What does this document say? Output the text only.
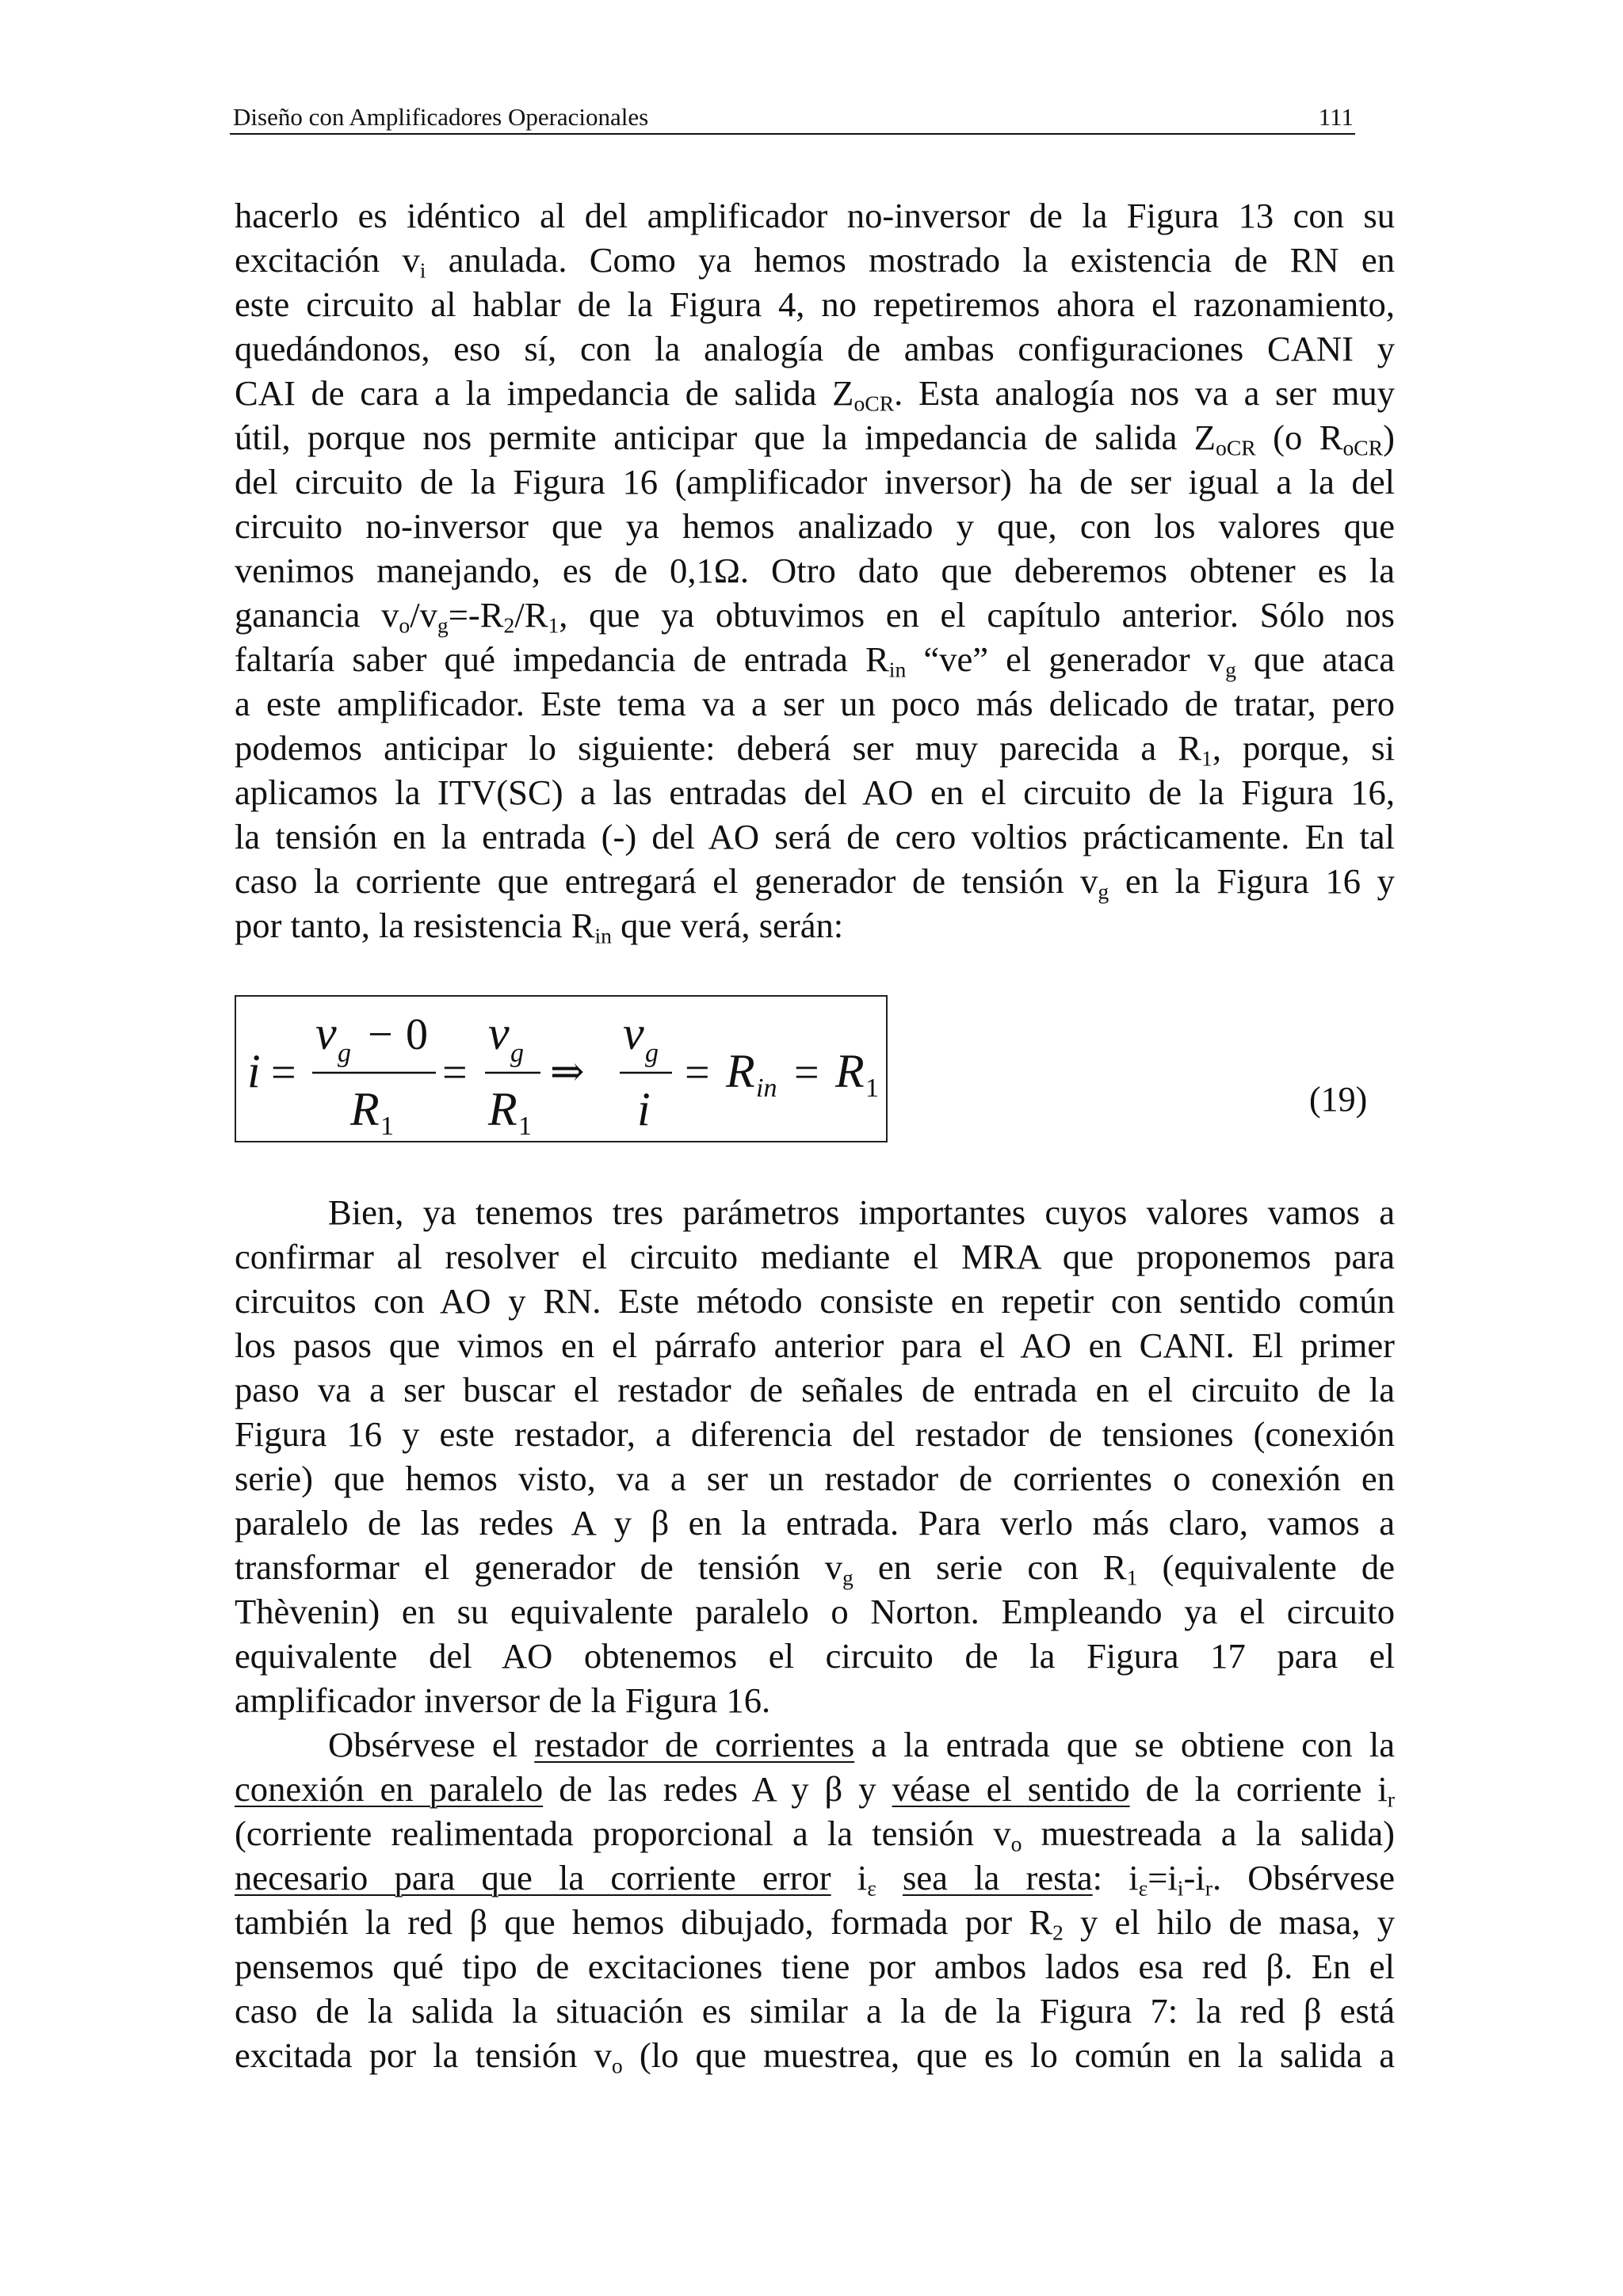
Diseño con Amplificadores Operacionales	111

hacerlo es idéntico al del amplificador no-inversor de la Figura 13 con su

excitación $v_i$ anulada. Como ya hemos mostrado la existencia de RN en

este circuito al hablar de la Figura 4, no repetiremos ahora el razonamiento,

quedándonos, eso sí, con la analogía de ambas configuraciones CANI y

CAI de cara a la impedancia de salida $Z_{oCR}$. Esta analogía nos va a ser muy

útil, porque nos permite anticipar que la impedancia de salida $Z_{oCR}$ (o $R_{oCR}$)

del circuito de la Figura 16 (amplificador inversor) ha de ser igual a la del

circuito no-inversor que ya hemos analizado y que, con los valores que

venimos manejando, es de 0,1Ω. Otro dato que deberemos obtener es la

ganancia $v_o/v_g=-R_2/R_1$, que ya obtuvimos en el capítulo anterior. Sólo nos

faltaría saber qué impedancia de entrada $R_{in}$ “ve” el generador $v_g$ que ataca

a este amplificador. Este tema va a ser un poco más delicado de tratar, pero

podemos anticipar lo siguiente: deberá ser muy parecida a $R_1$, porque, si

aplicamos la ITV(SC) a las entradas del AO en el circuito de la Figura 16,

la tensión en la entrada (-) del AO será de cero voltios prácticamente. En tal

caso la corriente que entregará el generador de tensión $v_g$ en la Figura 16 y

por tanto, la resistencia $R_{in}$ que verá, serán:

i =
v g − 0
R 1
=
v g
R 1
⇒
v g
i
= R in = R 1	(19)

Bien, ya tenemos tres parámetros importantes cuyos valores vamos a

confirmar al resolver el circuito mediante el MRA que proponemos para

circuitos con AO y RN. Este método consiste en repetir con sentido común

los pasos que vimos en el párrafo anterior para el AO en CANI. El primer

paso va a ser buscar el restador de señales de entrada en el circuito de la

Figura 16 y este restador, a diferencia del restador de tensiones (conexión

serie) que hemos visto, va a ser un restador de corrientes o conexión en

paralelo de las redes A y β en la entrada. Para verlo más claro, vamos a

transformar el generador de tensión $v_g$ en serie con $R_1$ (equivalente de

Thèvenin) en su equivalente paralelo o Norton. Empleando ya el circuito

equivalente del AO obtenemos el circuito de la Figura 17 para el

amplificador inversor de la Figura 16.

Obsérvese el restador de corrientes a la entrada que se obtiene con la

conexión en paralelo de las redes A y β y véase el sentido de la corriente $i_r$

(corriente realimentada proporcional a la tensión $v_o$ muestreada a la salida)

necesario para que la corriente error $i_\varepsilon$ sea la resta: $i_\varepsilon=i_i-i_r$. Obsérvese

también la red β que hemos dibujado, formada por $R_2$ y el hilo de masa, y

pensemos qué tipo de excitaciones tiene por ambos lados esa red β. En el

caso de la salida la situación es similar a la de la Figura 7: la red β está

excitada por la tensión $v_o$ (lo que muestrea, que es lo común en la salida a
